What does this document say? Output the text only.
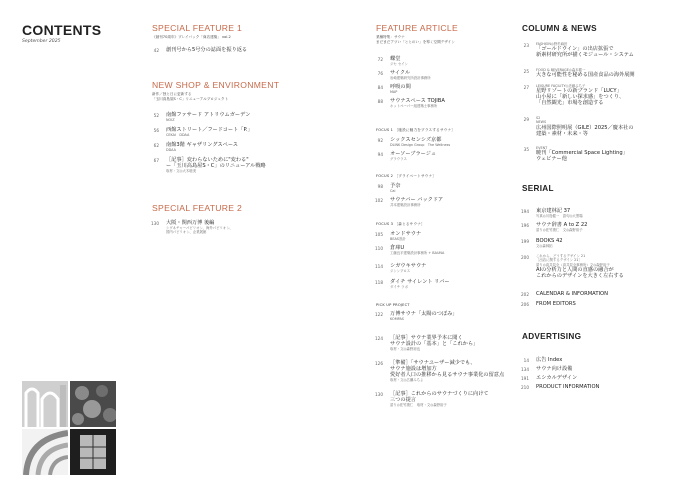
CONTENTS
September 2025
SPECIAL FEATURE 1
《創刊70周年》プレイバック「商店建築」 vol.2
42 創刊号から5号分の誌面を振り返る
NEW SHOP & ENVIRONMENT
新作／独と日に更新する
「玉川高島屋S・C」リニューアルプロジェクト
52 南館ファサード アトリウムガーデン
NOIZ
56 西館ストリート／フードコート「P.」
CEKAI　DDAA
62 南館3階 ギャザリングスペース
DDAA
67 ［記事］変わらないために"変わる"
ー「玉川高島屋S・C」のリニューアル戦略
取材・文◎大木聡美
SPECIAL FEATURE 2
130 大阪・関西万博 後編
シグネチャーパビリオン、海外パビリオン、
国内パビリオン、企業展館
FEATURE ARTICLE
業種特集：サウナ
まだまだアツい「ととのい」を導く空間デザイン
72 蝶堂
ジセ セイン
76 サイクル
岩崎建築研究所設計事務所
84 呼吸の間
MAP
88 サウナスペース TOJIBA
ホットペーパー組建築士事務所
FOCUS 1 ［施設に魅力をプラスするサウナ］
92 シックスセンシズ京都
DLINK Design Group　The Wellness
94 オーソーブラージュ
グラウラス
FOCUS 2 ［プライベートサウナ］
98 予奈
Cai
102 サウナバー バックドア
井本建築設計事務所
FOCUS 3 ［森とるサウナ］
105 オンドサウナ
BEAS設計
110 倉庫U
工藤良平建築設計事務所 + BAUNA
114 シガウキサウナ
ジンンプロス
118 ダイチ サイレント リバー
ダイチ ラボ
PICK UP PROJECT
122 万博サウナ「太陽のつぼみ」
KOMPAS
124 ［記事］サウナ業界予本に聞く
サウナ設計の「基本」と「これから」
取材・文◎森野裕也
126 ［準備］「サウナユーザー減少でも、
サウナ施設は増加方
愛好者人口の推移から見るサウナ事業化の留意点
取材・文◎広瀬みちよ
130 ［記事］これからのサウナづくりに向けて
三つの提言
語り◎佐竹康仁　取材・文◎森野裕子
COLUMN & NEWS
23 FASHION◎野杉麻世
「ゴールドウイン」の出店拡張で
新素材研究所が描くモジュール・システム
25 FOOD & BEVERAGE◎森本健一
大きな可能性を秘める国産食品の海外展開
27 LEISURE FACILITY◎近藤みち子
星野リゾートの新ブランド「LUCY」
山小屋に「新しい探求感」をつくり、
「自然観光」市場を創造する
29 S2
NEWS
広州国際照明展（GILE）2025／慶本社の
建築・素材・未来・等
35 EVENT
暁刊「Commercial Space Lighting」
ウェビナー他
SERIAL
194 東京建林記 37
写真◎川島健一　語句◎大黒場
196 サウナ辞書 A to Z 22
語り◎佐竹康仁　文◎森野裕子
199 BOOKS 42
文◎森林拓
200 これから、どうするデザイン 21
［出店に関するデザイン 21］
語り◎高井見全（高井見全事務所）文◎森野裕子
AIの分析力と人間の直感の融合が
これからのデザインを大きく左右する
202 CALENDAR & INFORMATION
206 FROM EDITORS
ADVERTISING
14 広告 Index
134 サウナ向け設備
191 エシカルデザイン
210 PRODUCT INFORMATION
